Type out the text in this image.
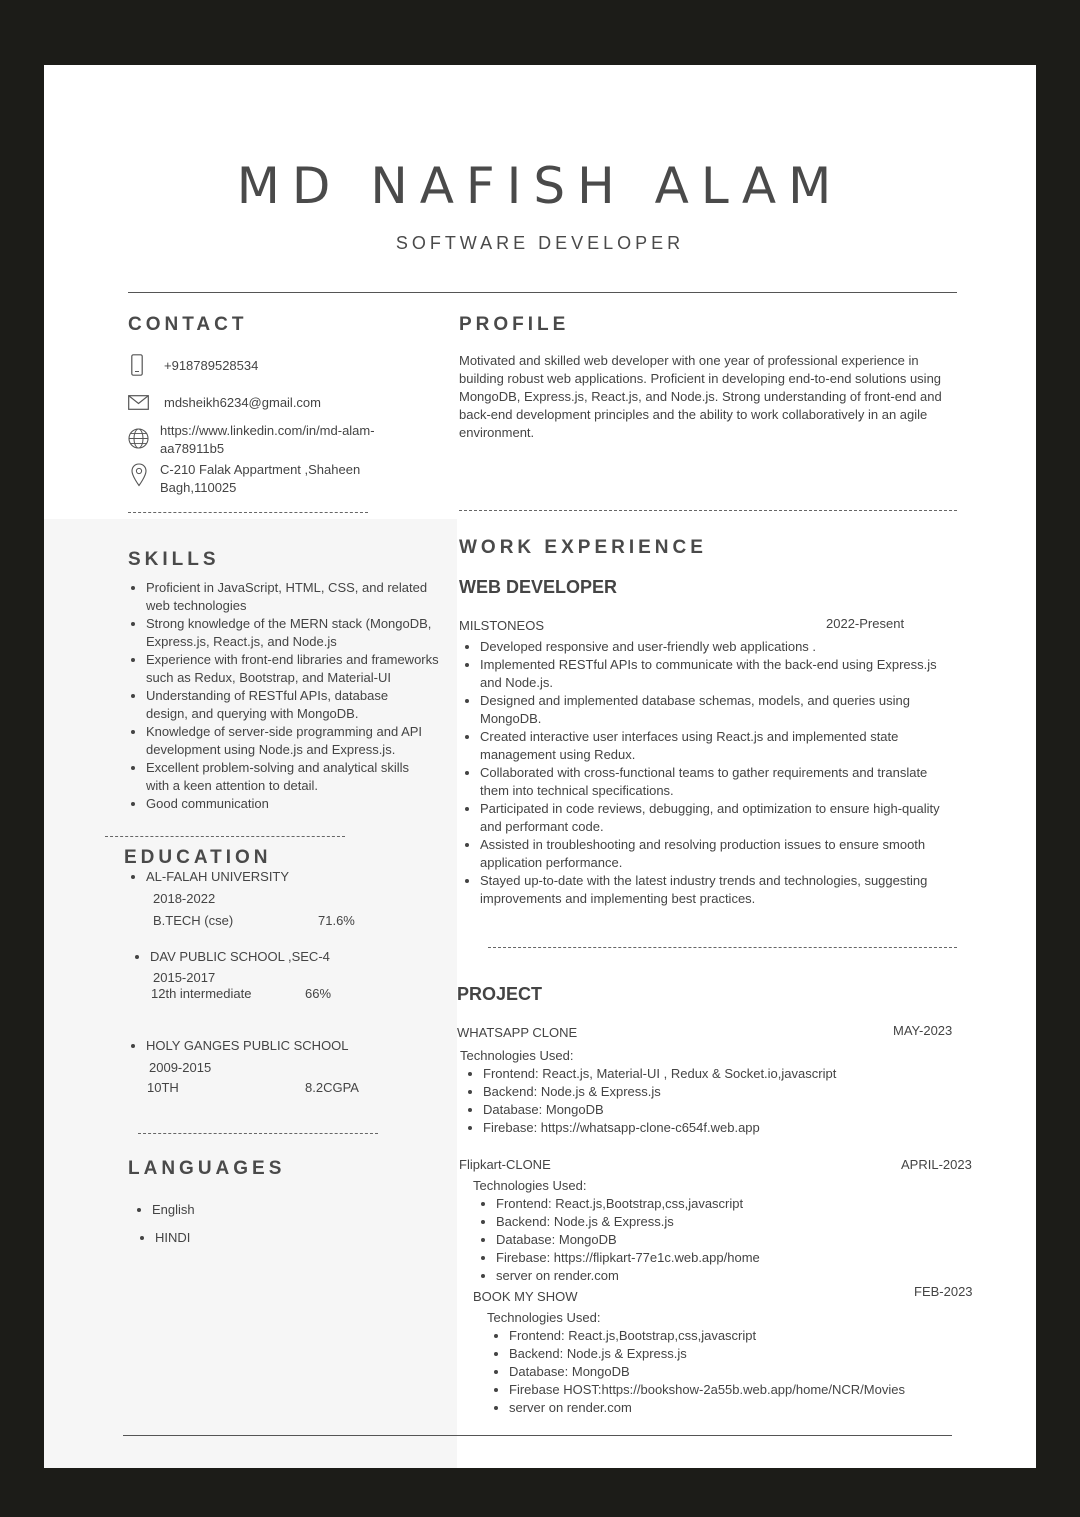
MD NAFISH ALAM
SOFTWARE DEVELOPER
CONTACT
+918789528534
mdsheikh6234@gmail.com
https://www.linkedin.com/in/md-alam-
aa78911b5
C-210 Falak Appartment ,Shaheen
Bagh,110025
PROFILE
Motivated and skilled web developer with one year of professional experience in
building robust web applications. Proficient in developing end-to-end solutions using
MongoDB, Express.js, React.js, and Node.js. Strong understanding of front-end and
back-end development principles and the ability to work collaboratively in an agile
environment.
SKILLS
• Proficient in JavaScript, HTML, CSS, and related
web technologies
• Strong knowledge of the MERN stack (MongoDB,
Express.js, React.js, and Node.js
• Experience with front-end libraries and frameworks
such as Redux, Bootstrap, and Material-UI
• Understanding of RESTful APIs, database
design, and querying with MongoDB.
• Knowledge of server-side programming and API
development using Node.js and Express.js.
• Excellent problem-solving and analytical skills
with a keen attention to detail.
• Good communication
EDUCATION
• AL-FALAH UNIVERSITY
2018-2022
B.TECH (cse)	71.6%
• DAV PUBLIC SCHOOL ,SEC-4
2015-2017
12th intermediate	66%
• HOLY GANGES PUBLIC SCHOOL
2009-2015
10TH	8.2CGPA
LANGUAGES
• English
• HINDI
WORK EXPERIENCE
WEB DEVELOPER
MILSTONEOS	2022-Present
• Developed responsive and user-friendly web applications .
• Implemented RESTful APIs to communicate with the back-end using Express.js
and Node.js.
• Designed and implemented database schemas, models, and queries using
MongoDB.
• Created interactive user interfaces using React.js and implemented state
management using Redux.
• Collaborated with cross-functional teams to gather requirements and translate
them into technical specifications.
• Participated in code reviews, debugging, and optimization to ensure high-quality
and performant code.
• Assisted in troubleshooting and resolving production issues to ensure smooth
application performance.
• Stayed up-to-date with the latest industry trends and technologies, suggesting
improvements and implementing best practices.
PROJECT
WHATSAPP CLONE	MAY-2023
Technologies Used:
• Frontend: React.js, Material-UI , Redux & Socket.io,javascript
• Backend: Node.js & Express.js
• Database: MongoDB
• Firebase: https://whatsapp-clone-c654f.web.app
Flipkart-CLONE	APRIL-2023
Technologies Used:
• Frontend: React.js,Bootstrap,css,javascript
• Backend: Node.js & Express.js
• Database: MongoDB
• Firebase: https://flipkart-77e1c.web.app/home
• server on render.com
BOOK MY SHOW	FEB-2023
Technologies Used:
• Frontend: React.js,Bootstrap,css,javascript
• Backend: Node.js & Express.js
• Database: MongoDB
• Firebase HOST:https://bookshow-2a55b.web.app/home/NCR/Movies
• server on render.com
